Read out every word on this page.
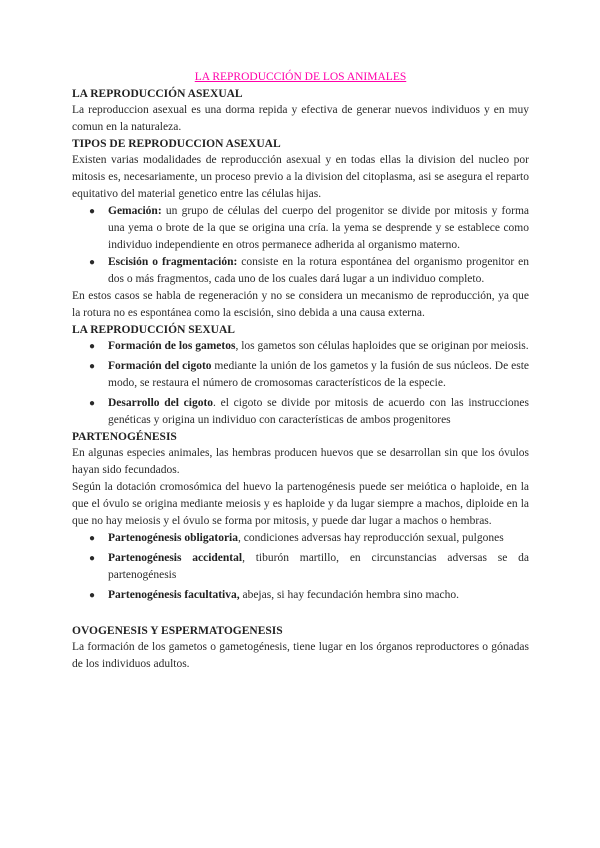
LA REPRODUCCIÓN DE LOS ANIMALES
LA REPRODUCCIÓN ASEXUAL

La reproduccion asexual es una dorma repida y efectiva de generar nuevos individuos y en muy comun en la naturaleza.

TIPOS DE REPRODUCCION ASEXUAL

Existen varias modalidades de reproducción asexual y en todas ellas la division del nucleo por mitosis es, necesariamente, un proceso previo a la division del citoplasma, asi se asegura el reparto equitativo del material genetico entre las células hijas.

● Gemación: un grupo de células del cuerpo del progenitor se divide por mitosis y forma una yema o brote de la que se origina una cría. la yema se desprende y se establece como individuo independiente en otros permanece adherida al organismo materno.
● Escisión o fragmentación: consiste en la rotura espontánea del organismo progenitor en dos o más fragmentos, cada uno de los cuales dará lugar a un individuo completo.

En estos casos se habla de regeneración y no se considera un mecanismo de reproducción, ya que la rotura no es espontánea como la escisión, sino debida a una causa externa.

LA REPRODUCCIÓN SEXUAL
● Formación de los gametos, los gametos son células haploides que se originan por meiosis.
● Formación del cigoto mediante la unión de los gametos y la fusión de sus núcleos. De este modo, se restaura el número de cromosomas característicos de la especie.
● Desarrollo del cigoto. el cigoto se divide por mitosis de acuerdo con las instrucciones genéticas y origina un individuo con características de ambos progenitores
PARTENOGÉNESIS

En algunas especies animales, las hembras producen huevos que se desarrollan sin que los óvulos hayan sido fecundados.

Según la dotación cromosómica del huevo la partenogénesis puede ser meiótica o haploide, en la que el óvulo se origina mediante meiosis y es haploide y da lugar siempre a machos, diploide en la que no hay meiosis y el óvulo se forma por mitosis, y puede dar lugar a machos o hembras.

● Partenogénesis obligatoria, condiciones adversas hay reproducción sexual, pulgones
● Partenogénesis accidental, tiburón martillo, en circunstancias adversas se da partenogénesis
● Partenogénesis facultativa, abejas, si hay fecundación hembra sino macho.
OVOGENESIS Y ESPERMATOGENESIS

La formación de los gametos o gametogénesis, tiene lugar en los órganos reproductores o gónadas de los individuos adultos.
